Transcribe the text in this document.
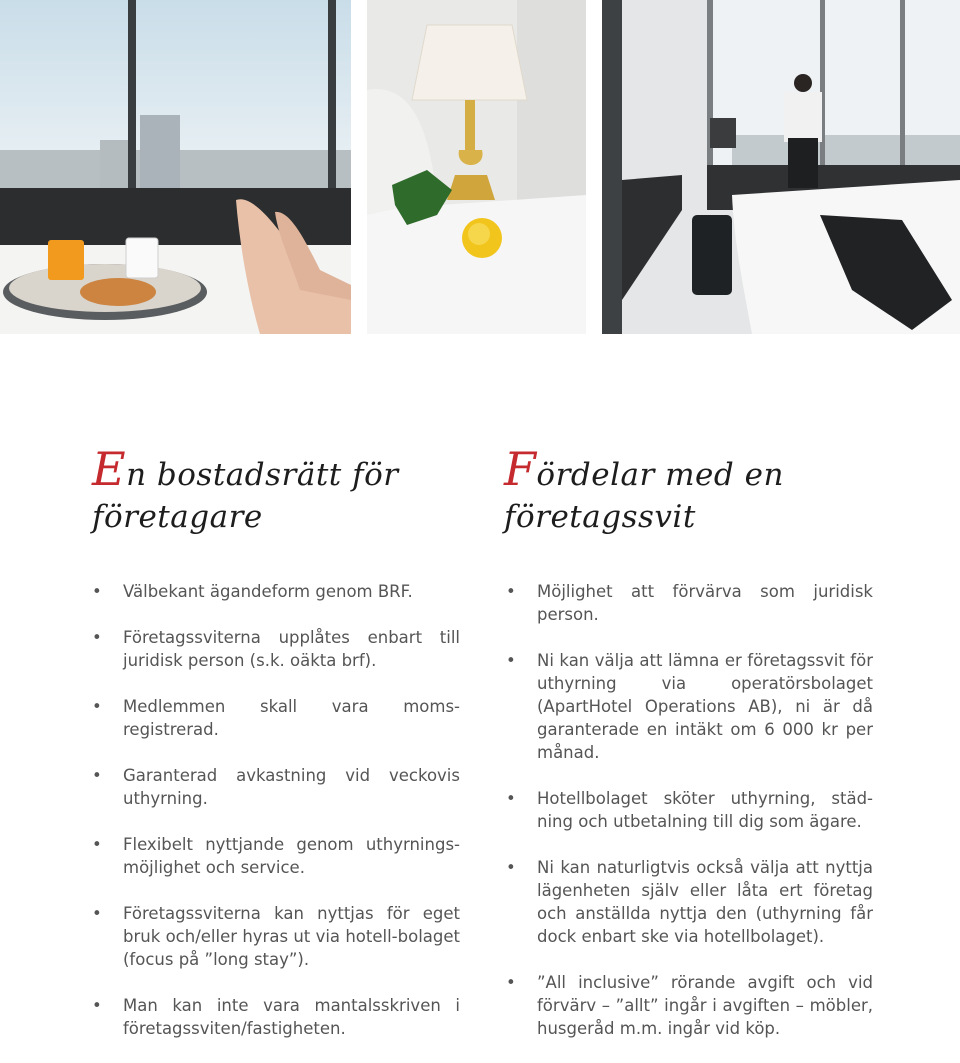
En bostadsrätt för
företagare
Fördelar med en
företagssvit
• Välbekant ägandeform genom BRF.
• Företagssviterna upplåtes enbart till juridisk person (s.k. oäkta brf).
• Medlemmen skall vara moms-registrerad.
• Garanterad avkastning vid veckovis uthyrning.
• Flexibelt nyttjande genom uthyrnings-möjlighet och service.
• Företagssviterna kan nyttjas för eget bruk och/eller hyras ut via hotell-bolaget (focus på ”long stay”).
• Man kan inte vara mantalsskriven i företagssviten/fastigheten.
• Möjlighet att förvärva som juridisk person.
• Ni kan välja att lämna er företagssvit för uthyrning via operatörsbolaget (ApartHotel Operations AB), ni är då garanterade en intäkt om 6 000 kr per månad.
• Hotellbolaget sköter uthyrning, städ-ning och utbetalning till dig som ägare.
• Ni kan naturligtvis också välja att nyttja lägenheten själv eller låta ert företag och anställda nyttja den (uthyrning får dock enbart ske via hotellbolaget).
• ”All inclusive” rörande avgift och vid förvärv – ”allt” ingår i avgiften – möbler, husgeråd m.m. ingår vid köp.
